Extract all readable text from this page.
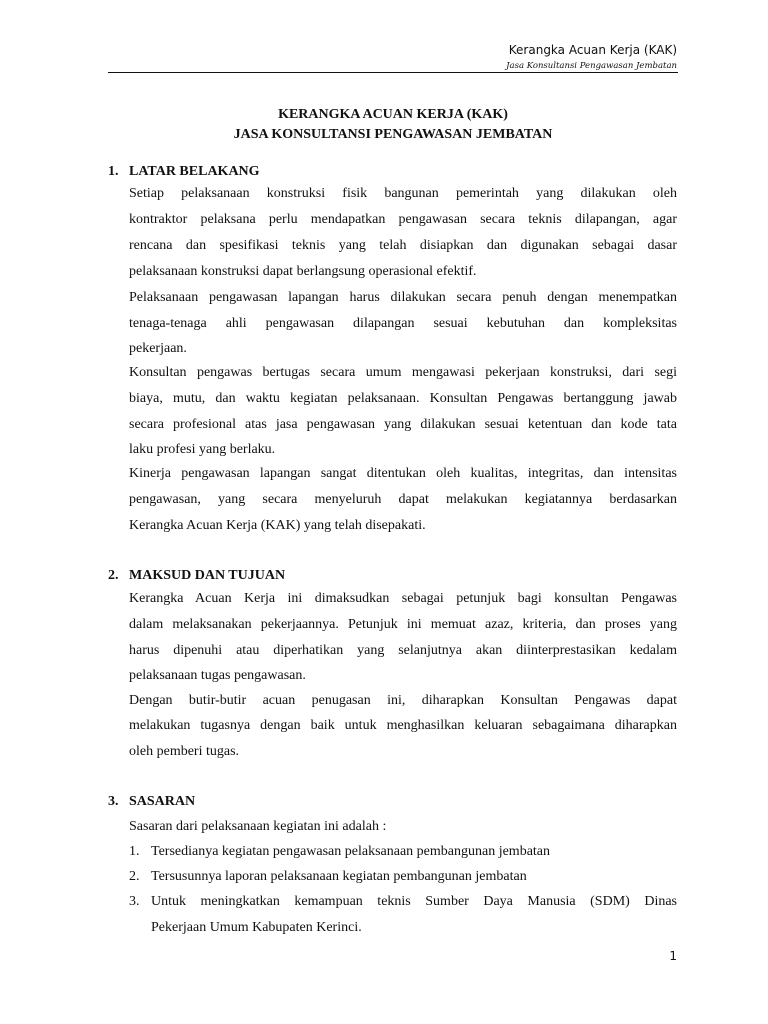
Kerangka Acuan Kerja (KAK)
Jasa Konsultansi Pengawasan Jembatan
KERANGKA ACUAN KERJA (KAK)
JASA KONSULTANSI PENGAWASAN JEMBATAN
1. LATAR BELAKANG
Setiap pelaksanaan konstruksi fisik bangunan pemerintah yang dilakukan oleh
kontraktor pelaksana perlu mendapatkan pengawasan secara teknis dilapangan, agar
rencana dan spesifikasi teknis yang telah disiapkan dan digunakan sebagai dasar
pelaksanaan konstruksi dapat berlangsung operasional efektif.
Pelaksanaan pengawasan lapangan harus dilakukan secara penuh dengan menempatkan
tenaga-tenaga ahli pengawasan dilapangan sesuai kebutuhan dan kompleksitas
pekerjaan.
Konsultan pengawas bertugas secara umum mengawasi pekerjaan konstruksi, dari segi
biaya, mutu, dan waktu kegiatan pelaksanaan. Konsultan Pengawas bertanggung jawab
secara profesional atas jasa pengawasan yang dilakukan sesuai ketentuan dan kode tata
laku profesi yang berlaku.
Kinerja pengawasan lapangan sangat ditentukan oleh kualitas, integritas, dan intensitas
pengawasan, yang secara menyeluruh dapat melakukan kegiatannya berdasarkan
Kerangka Acuan Kerja (KAK) yang telah disepakati.
2. MAKSUD DAN TUJUAN
Kerangka Acuan Kerja ini dimaksudkan sebagai petunjuk bagi konsultan Pengawas
dalam melaksanakan pekerjaannya. Petunjuk ini memuat azaz, kriteria, dan proses yang
harus dipenuhi atau diperhatikan yang selanjutnya akan diinterprestasikan kedalam
pelaksanaan tugas pengawasan.
Dengan butir-butir acuan penugasan ini, diharapkan Konsultan Pengawas dapat
melakukan tugasnya dengan baik untuk menghasilkan keluaran sebagaimana diharapkan
oleh pemberi tugas.
3. SASARAN
Sasaran dari pelaksanaan kegiatan ini adalah :
1. Tersedianya kegiatan pengawasan pelaksanaan pembangunan jembatan
2. Tersusunnya laporan pelaksanaan kegiatan pembangunan jembatan
3. Untuk meningkatkan kemampuan teknis Sumber Daya Manusia (SDM) Dinas
Pekerjaan Umum Kabupaten Kerinci.
1
